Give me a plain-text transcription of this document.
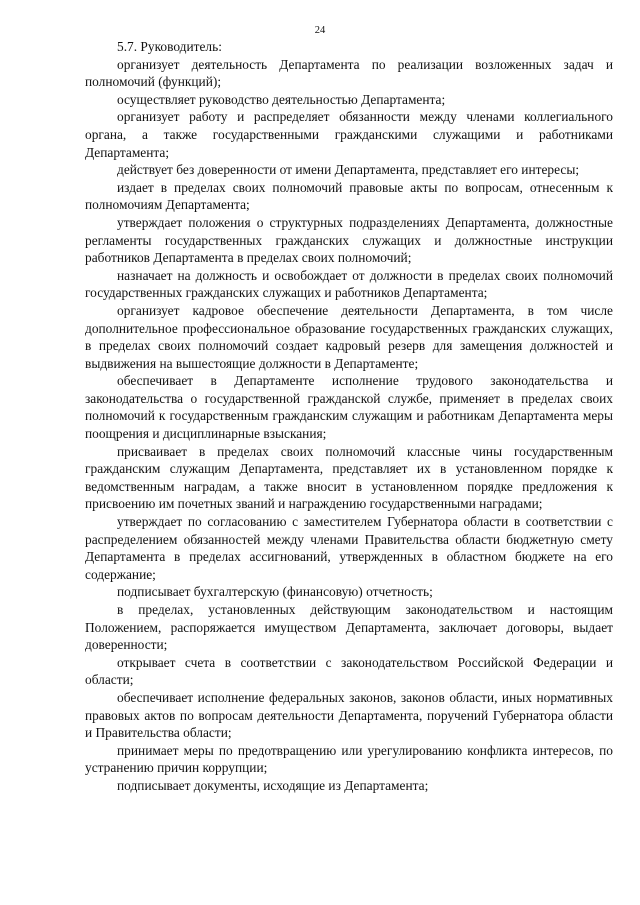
24

5.7. Руководитель:

организует деятельность Департамента по реализации возложенных задач и полномочий (функций);

осуществляет руководство деятельностью Департамента;

организует работу и распределяет обязанности между членами коллегиального органа, а также государственными гражданскими служащими и работниками Департамента;

действует без доверенности от имени Департамента, представляет его интересы;

издает в пределах своих полномочий правовые акты по вопросам, отнесенным к полномочиям Департамента;

утверждает положения о структурных подразделениях Департамента, должностные регламенты государственных гражданских служащих и должностные инструкции работников Департамента в пределах своих полномочий;

назначает на должность и освобождает от должности в пределах своих полномочий государственных гражданских служащих и работников Департамента;

организует кадровое обеспечение деятельности Департамента, в том числе дополнительное профессиональное образование государственных гражданских служащих, в пределах своих полномочий создает кадровый резерв для замещения должностей и выдвижения на вышестоящие должности в Департаменте;

обеспечивает в Департаменте исполнение трудового законодательства и законодательства о государственной гражданской службе, применяет в пределах своих полномочий к государственным гражданским служащим и работникам Департамента меры поощрения и дисциплинарные взыскания;

присваивает в пределах своих полномочий классные чины государственным гражданским служащим Департамента, представляет их в установленном порядке к ведомственным наградам, а также вносит в установленном порядке предложения к присвоению им почетных званий и награждению государственными наградами;

утверждает по согласованию с заместителем Губернатора области в соответствии с распределением обязанностей между членами Правительства области бюджетную смету Департамента в пределах ассигнований, утвержденных в областном бюджете на его содержание;

подписывает бухгалтерскую (финансовую) отчетность;

в пределах, установленных действующим законодательством и настоящим Положением, распоряжается имуществом Департамента, заключает договоры, выдает доверенности;

открывает счета в соответствии с законодательством Российской Федерации и области;

обеспечивает исполнение федеральных законов, законов области, иных нормативных правовых актов по вопросам деятельности Департамента, поручений Губернатора области и Правительства области;

принимает меры по предотвращению или урегулированию конфликта интересов, по устранению причин коррупции;

подписывает документы, исходящие из Департамента;
